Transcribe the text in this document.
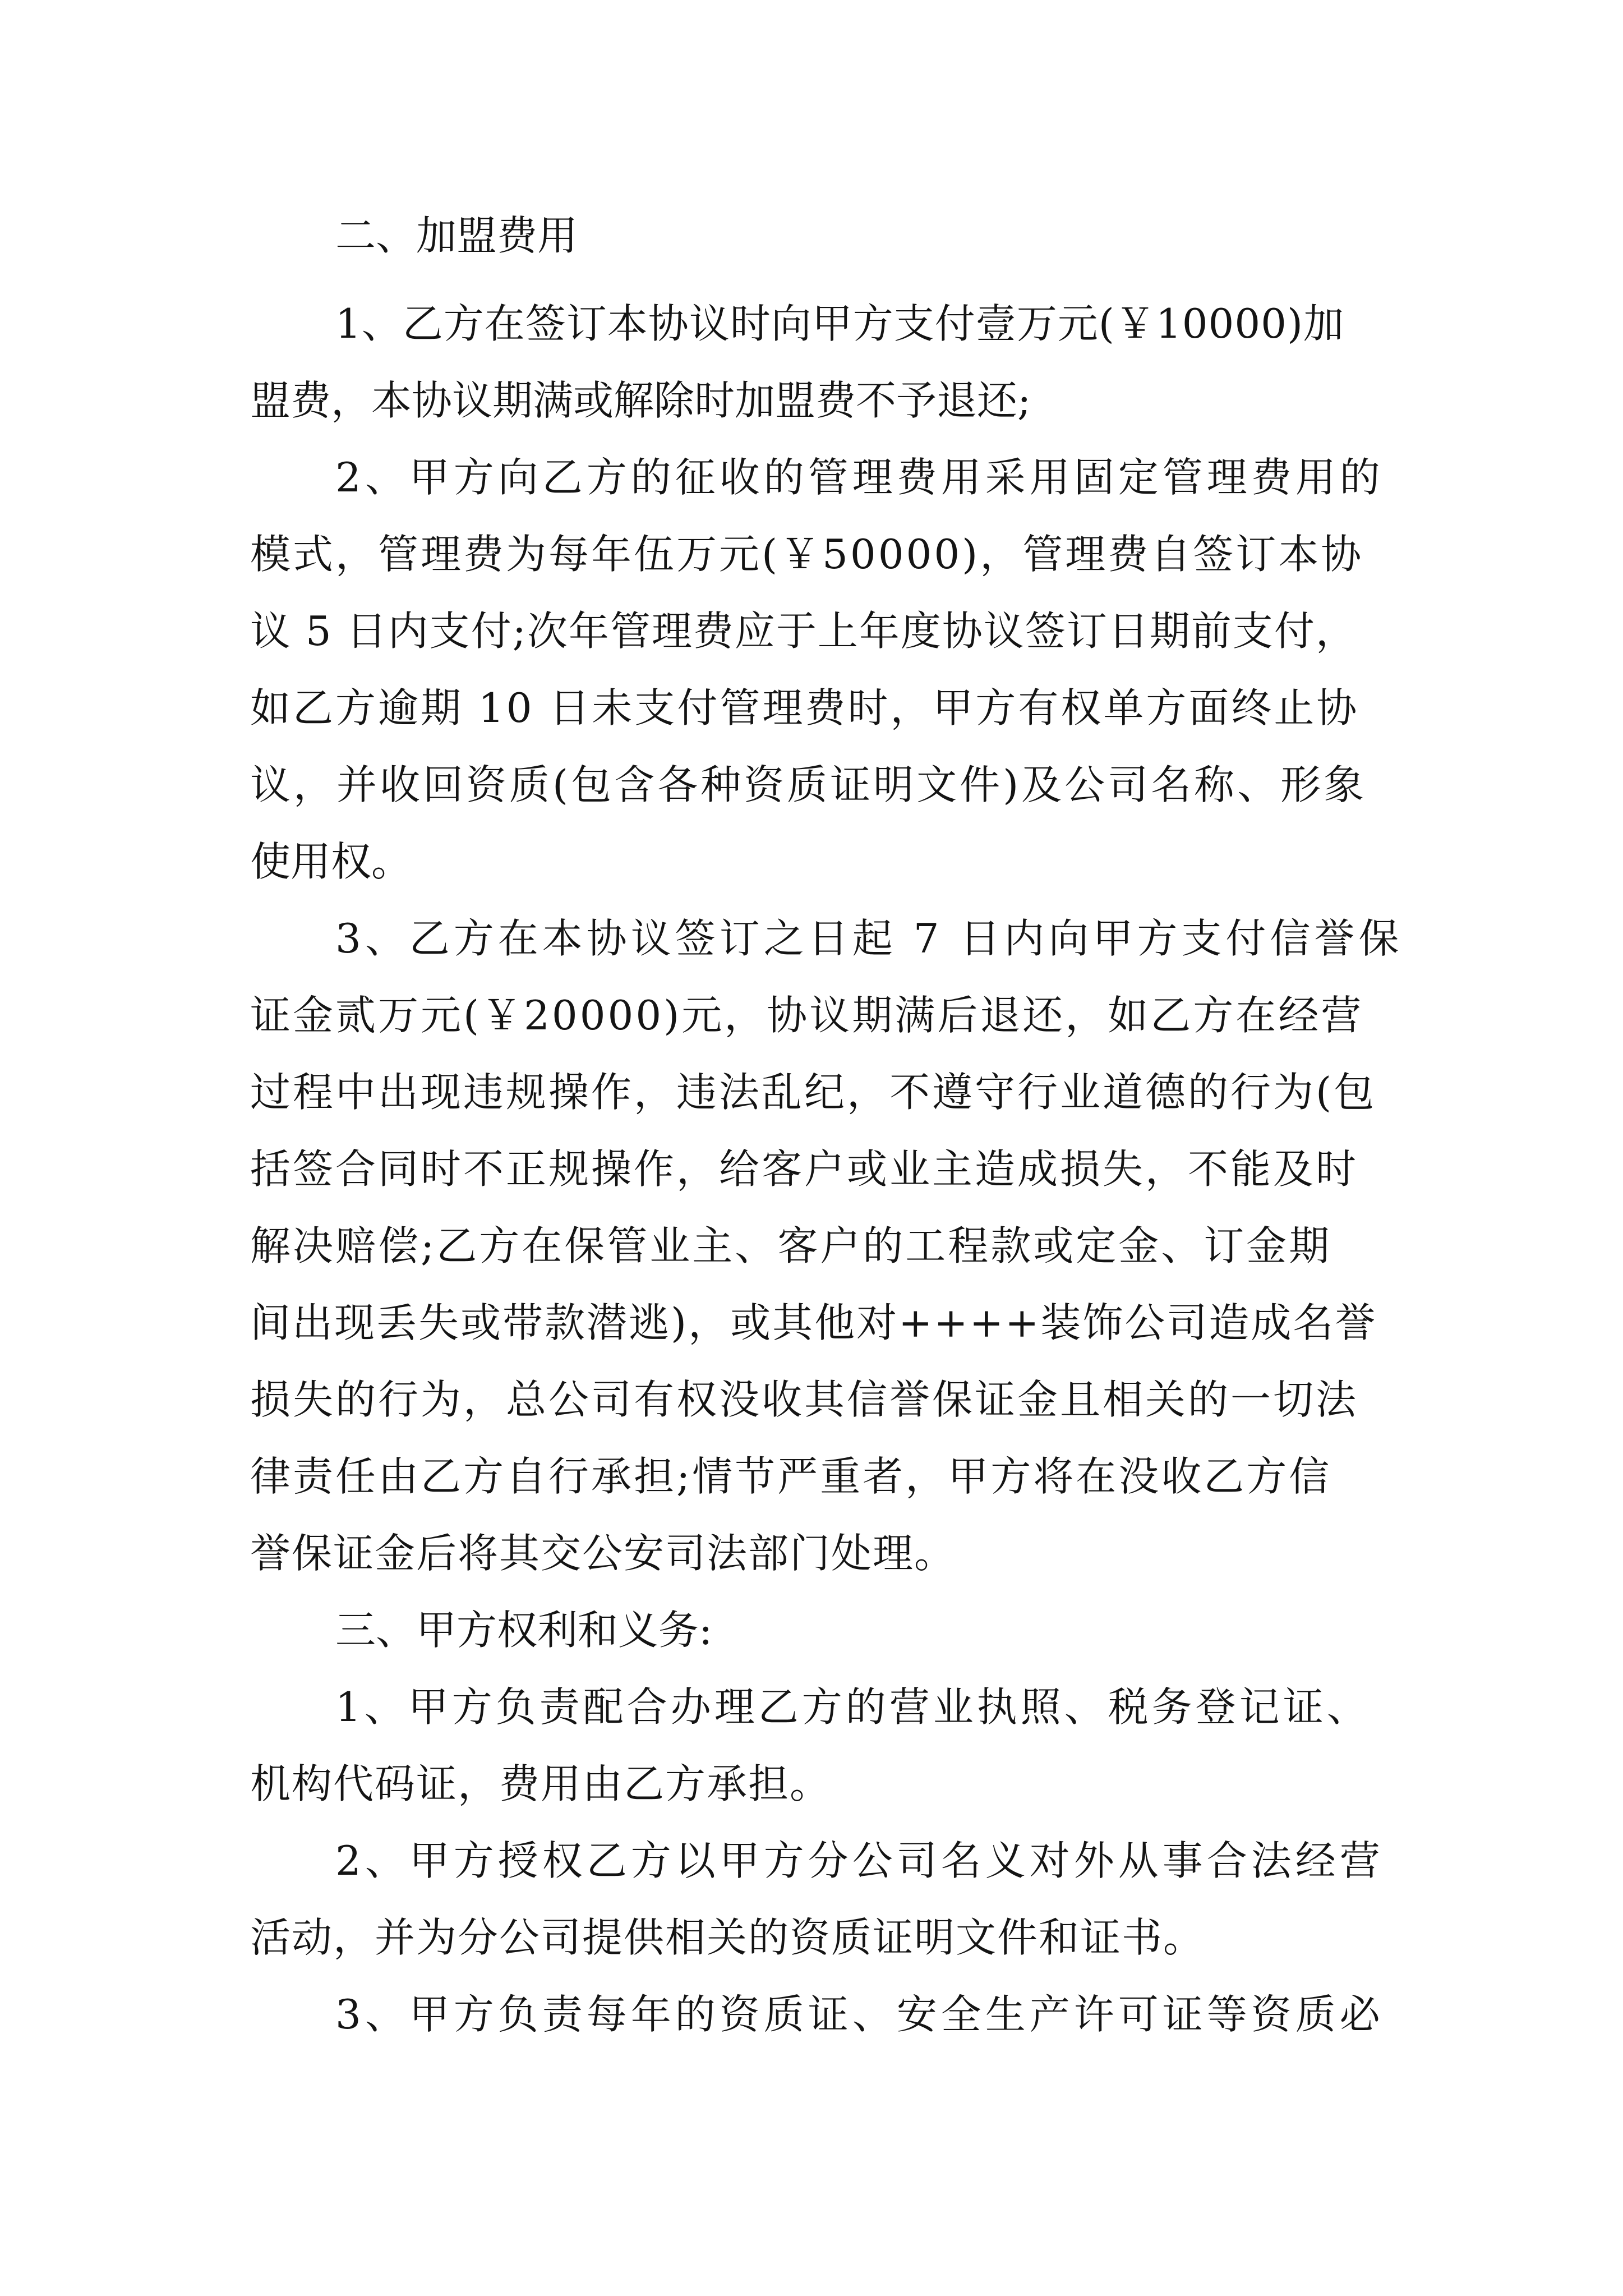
二、加盟费用
1、乙方在签订本协议时向甲方支付壹万元(￥10000)加
盟费，本协议期满或解除时加盟费不予退还;
2、甲方向乙方的征收的管理费用采用固定管理费用的
模式，管理费为每年伍万元(￥50000)，管理费自签订本协
议 5 日内支付;次年管理费应于上年度协议签订日期前支付，
如乙方逾期 10 日未支付管理费时，甲方有权单方面终止协
议，并收回资质(包含各种资质证明文件)及公司名称、形象
使用权。
3、乙方在本协议签订之日起 7 日内向甲方支付信誉保
证金贰万元(￥20000)元，协议期满后退还，如乙方在经营
过程中出现违规操作，违法乱纪，不遵守行业道德的行为(包
括签合同时不正规操作，给客户或业主造成损失，不能及时
解决赔偿;乙方在保管业主、客户的工程款或定金、订金期
间出现丢失或带款潜逃)，或其他对++++装饰公司造成名誉
损失的行为，总公司有权没收其信誉保证金且相关的一切法
律责任由乙方自行承担;情节严重者，甲方将在没收乙方信
誉保证金后将其交公安司法部门处理。
三、甲方权利和义务:
1、甲方负责配合办理乙方的营业执照、税务登记证、
机构代码证，费用由乙方承担。
2、甲方授权乙方以甲方分公司名义对外从事合法经营
活动，并为分公司提供相关的资质证明文件和证书。
3、甲方负责每年的资质证、安全生产许可证等资质必
